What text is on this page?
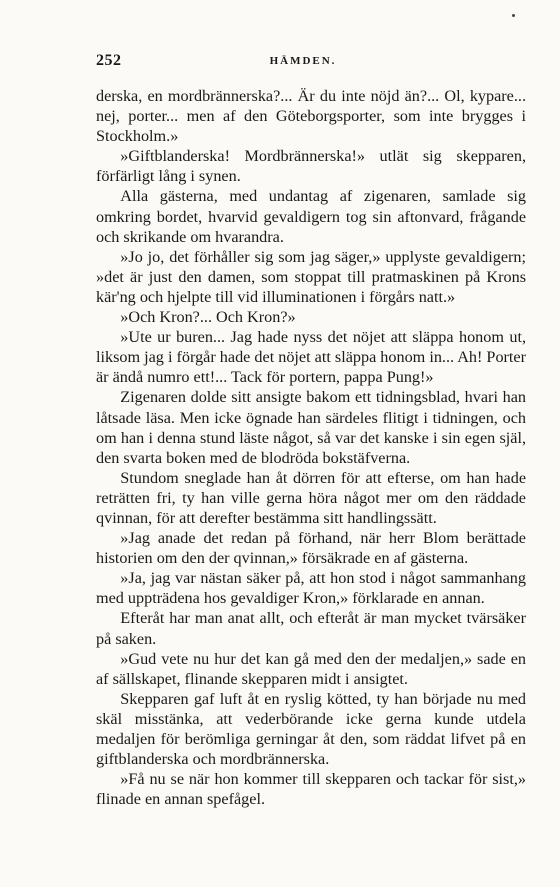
252	HÄMDEN.

derska, en mordbrännerska?... Är du inte nöjd än?... Ol, kypare... nej, porter... men af den Göteborgsporter, som inte brygges i Stockholm.»

»Giftblanderska! Mordbrännerska!» utlät sig skepparen, förfärligt lång i synen.

Alla gästerna, med undantag af zigenaren, samlade sig omkring bordet, hvarvid gevaldigern tog sin aftonvard, frågande och skrikande om hvarandra.

»Jo jo, det förhåller sig som jag säger,» upplyste gevaldigern; »det är just den damen, som stoppat till pratmaskinen på Krons kär'ng och hjelpte till vid illuminationen i förgårs natt.»

»Och Kron?... Och Kron?»

»Ute ur buren... Jag hade nyss det nöjet att släppa honom ut, liksom jag i förgår hade det nöjet att släppa honom in... Ah! Porter är ändå numro ett!... Tack för portern, pappa Pung!»

Zigenaren dolde sitt ansigte bakom ett tidningsblad, hvari han låtsade läsa. Men icke ögnade han särdeles flitigt i tidningen, och om han i denna stund läste något, så var det kanske i sin egen själ, den svarta boken med de blodröda bokstäfverna.

Stundom sneglade han åt dörren för att efterse, om han hade reträtten fri, ty han ville gerna höra något mer om den räddade qvinnan, för att derefter bestämma sitt handlingssätt.

»Jag anade det redan på förhand, när herr Blom berättade historien om den der qvinnan,» försäkrade en af gästerna.

»Ja, jag var nästan säker på, att hon stod i något sammanhang med uppträdena hos gevaldiger Kron,» förklarade en annan.

Efteråt har man anat allt, och efteråt är man mycket tvärsäker på saken.

»Gud vete nu hur det kan gå med den der medaljen,» sade en af sällskapet, flinande skepparen midt i ansigtet.

Skepparen gaf luft åt en ryslig kötted, ty han började nu med skäl misstänka, att vederbörande icke gerna kunde utdela medaljen för berömliga gerningar åt den, som räddat lifvet på en giftblanderska och mordbrännerska.

»Få nu se när hon kommer till skepparen och tackar för sist,» flinade en annan spefågel.
